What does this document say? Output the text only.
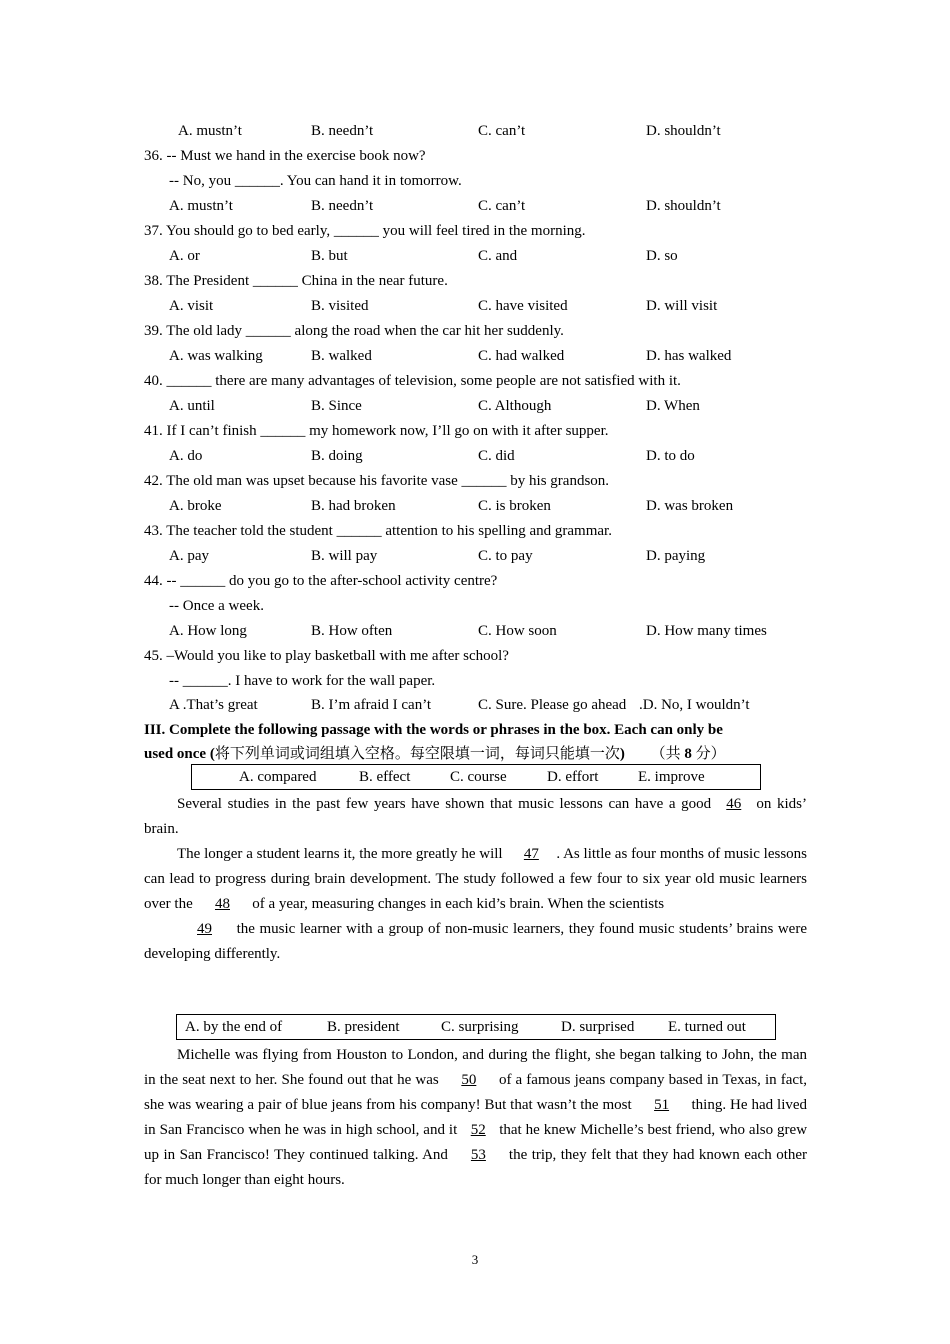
A. mustn’t	B. needn’t	C. can’t	D. shouldn’t
36. -- Must we hand in the exercise book now?
-- No, you ______. You can hand it in tomorrow.
A. mustn’t	B. needn’t	C. can’t	D. shouldn’t
37. You should go to bed early, ______ you will feel tired in the morning.
A. or	B. but	C. and	D. so
38. The President ______ China in the near future.
A. visit	B. visited	C. have visited	D. will visit
39. The old lady ______ along the road when the car hit her suddenly.
A. was walking	B. walked	C. had walked	D. has walked
40. ______ there are many advantages of television, some people are not satisfied with it.
A. until	B. Since	C. Although	D. When
41. If I can’t finish ______ my homework now, I’ll go on with it after supper.
A. do	B. doing	C. did	D. to do
42. The old man was upset because his favorite vase ______ by his grandson.
A. broke	B. had broken	C. is broken	D. was broken
43. The teacher told the student ______ attention to his spelling and grammar.
A. pay	B. will pay	C. to pay	D. paying
44. -- ______ do you go to the after-school activity centre?
-- Once a week.
A. How long	B. How often	C. How soon	D. How many times
45. –Would you like to play basketball with me after school?
-- ______. I have to work for the wall paper.
A .That’s great	B. I’m afraid I can’t	C. Sure. Please go ahead .D. No, I wouldn’t
III. Complete the following passage with the words or phrases in the box. Each can only be
used once (将下列单词或词组填入空格。每空限填一词，每词只能填一次) （共 8 分）
A. compared	B. effect	C. course	D. effort	E. improve
Several studies in the past few years have shown that music lessons can have a good 46 on kids’ brain.
The longer a student learns it, the more greatly he will 47 . As little as four months of music lessons can lead to progress during brain development. The study followed a few four to six year old music learners over the 48 of a year, measuring changes in each kid’s brain. When the scientists
49 the music learner with a group of non-music learners, they found music students’ brains were developing differently.
A. by the end of	B. president	C. surprising	D. surprised E. turned out
Michelle was flying from Houston to London, and during the flight, she began talking to John, the man in the seat next to her. She found out that he was 50 of a famous jeans company based in Texas, in fact, she was wearing a pair of blue jeans from his company! But that wasn’t the most 51 thing. He had lived in San Francisco when he was in high school, and it 52 that he knew Michelle’s best friend, who also grew up in San Francisco! They continued talking. And 53 the trip, they felt that they had known each other for much longer than eight hours.
3
